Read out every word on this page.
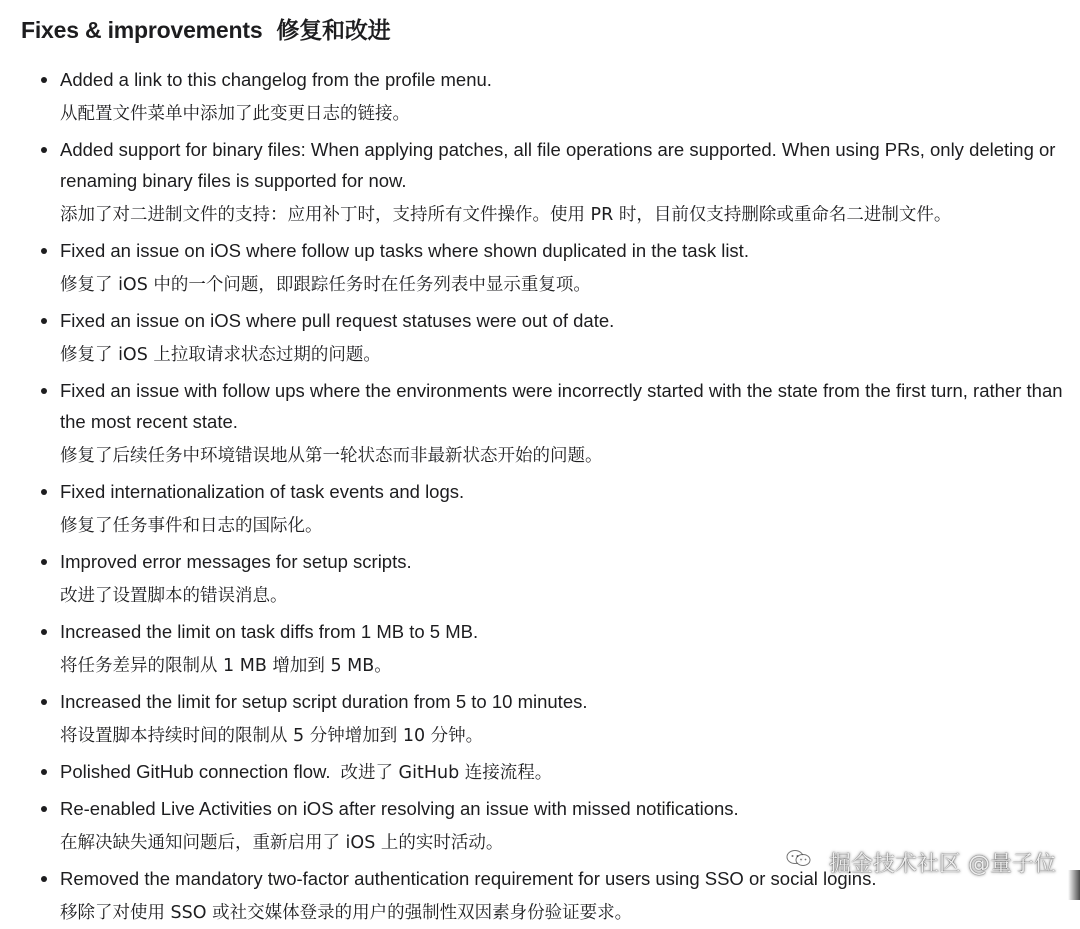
Fixes & improvements 修复和改进
Added a link to this changelog from the profile menu.
从配置文件菜单中添加了此变更日志的链接。
Added support for binary files: When applying patches, all file operations are supported. When using PRs, only deleting or renaming binary files is supported for now.
添加了对二进制文件的支持：应用补丁时，支持所有文件操作。使用 PR 时，目前仅支持删除或重命名二进制文件。
Fixed an issue on iOS where follow up tasks where shown duplicated in the task list.
修复了 iOS 中的一个问题，即跟踪任务时在任务列表中显示重复项。
Fixed an issue on iOS where pull request statuses were out of date.
修复了 iOS 上拉取请求状态过期的问题。
Fixed an issue with follow ups where the environments were incorrectly started with the state from the first turn, rather than the most recent state.
修复了后续任务中环境错误地从第一轮状态而非最新状态开始的问题。
Fixed internationalization of task events and logs.
修复了任务事件和日志的国际化。
Improved error messages for setup scripts.
改进了设置脚本的错误消息。
Increased the limit on task diffs from 1 MB to 5 MB.
将任务差异的限制从 1 MB 增加到 5 MB。
Increased the limit for setup script duration from 5 to 10 minutes.
将设置脚本持续时间的限制从 5 分钟增加到 10 分钟。
Polished GitHub connection flow. 改进了 GitHub 连接流程。
Re-enabled Live Activities on iOS after resolving an issue with missed notifications.
在解决缺失通知问题后，重新启用了 iOS 上的实时活动。
Removed the mandatory two-factor authentication requirement for users using SSO or social logins.
移除了对使用 SSO 或社交媒体登录的用户的强制性双因素身份验证要求。
掘金技术社区 @量子位
